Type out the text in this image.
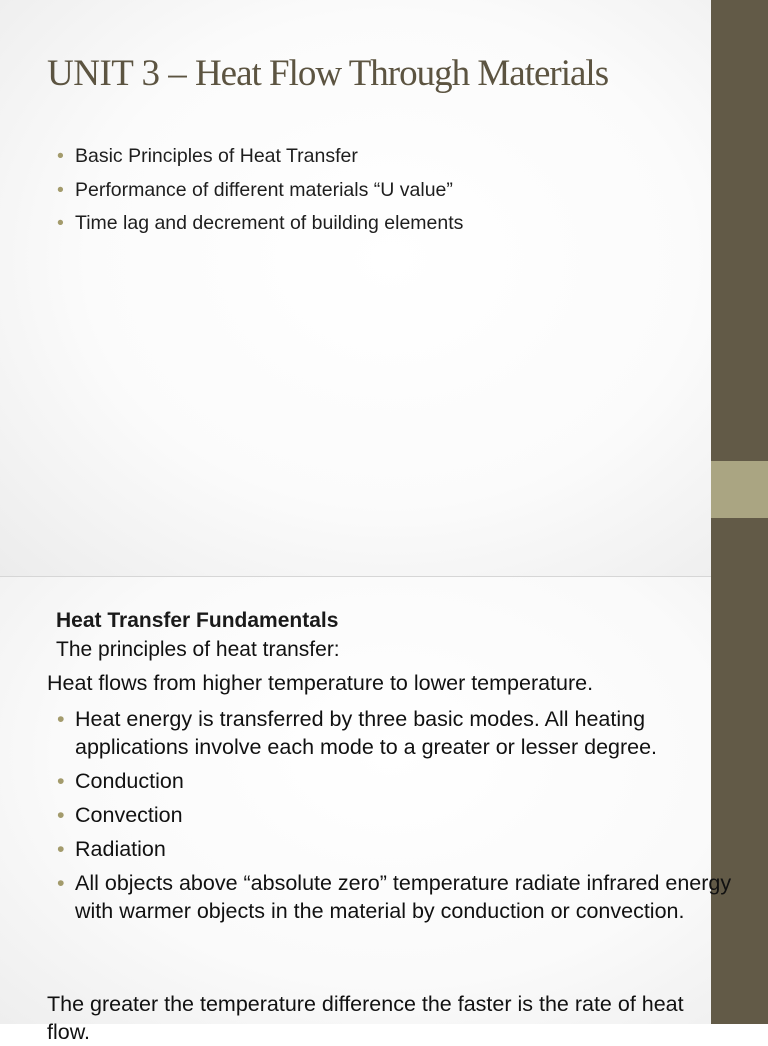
UNIT 3 – Heat Flow Through Materials
• Basic Principles of Heat Transfer
• Performance of different materials “U value”
• Time lag and decrement of building elements
Heat Transfer Fundamentals
The principles of heat transfer:
Heat flows from higher temperature to lower temperature.
• Heat energy is transferred by three basic modes. All heating applications involve each mode to a greater or lesser degree.
• Conduction
• Convection
• Radiation
• All objects above “absolute zero” temperature radiate infrared energy with warmer objects in the material by conduction or convection.
The greater the temperature difference the faster is the rate of heat flow.
